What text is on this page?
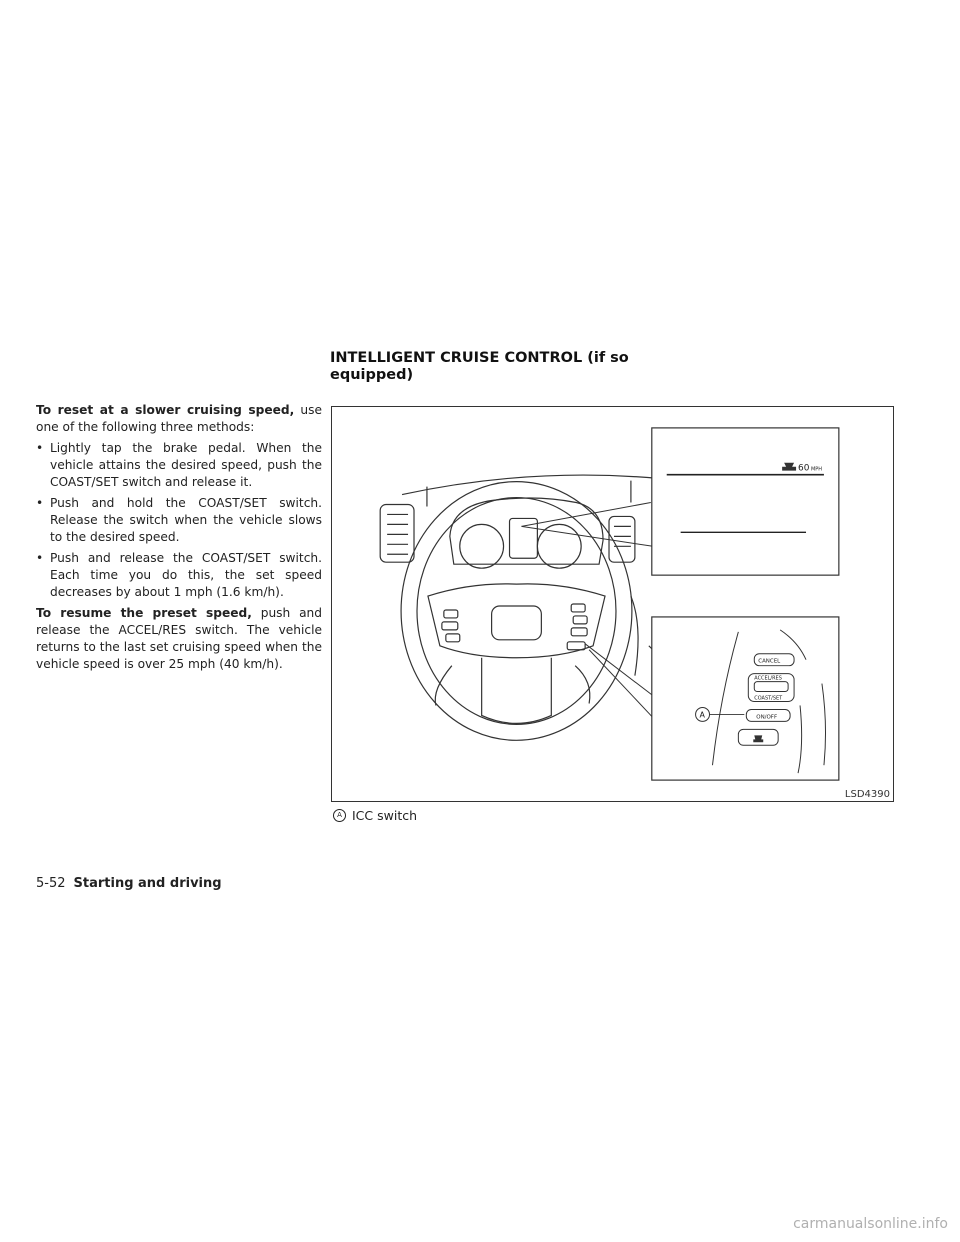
INTELLIGENT CRUISE CONTROL (if so equipped)

To reset at a slower cruising speed, use one of the following three methods:

• Lightly tap the brake pedal. When the vehicle attains the desired speed, push the COAST/SET switch and release it.
• Push and hold the COAST/SET switch. Release the switch when the vehicle slows to the desired speed.
• Push and release the COAST/SET switch. Each time you do this, the set speed decreases by about 1 mph (1.6 km/h).

To resume the preset speed, push and release the ACCEL/RES switch. The vehicle returns to the last set cruising speed when the vehicle speed is over 25 mph (40 km/h).

60 MPH
CANCEL
ACCEL/RES
COAST/SET
ON/OFF
A
LSD4390
A ICC switch
5-52 Starting and driving
carmanualsonline.info
